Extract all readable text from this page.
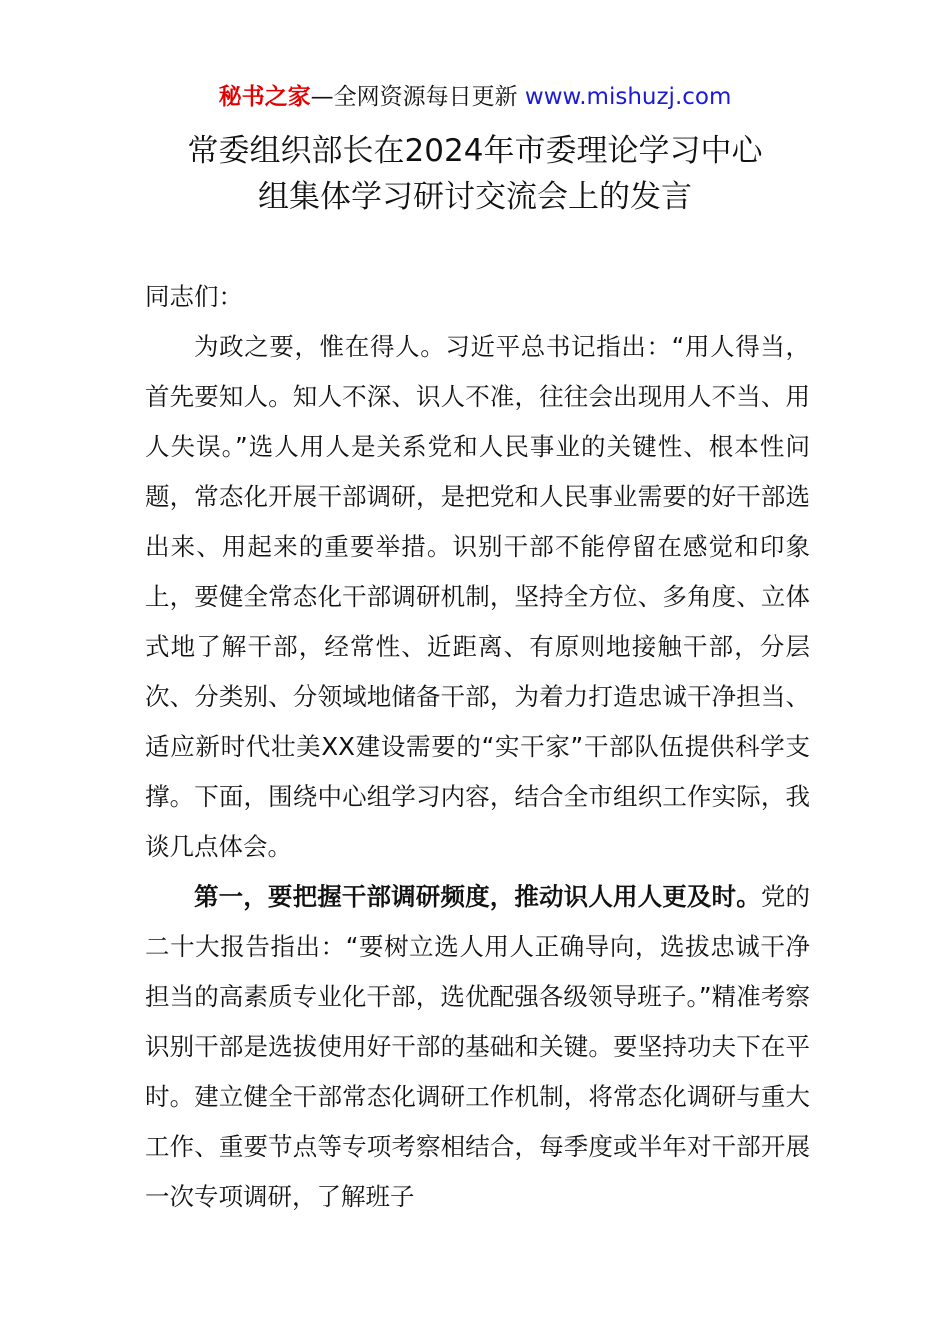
秘书之家—全网资源每日更新 www.mishuzj.com
常委组织部长在2024年市委理论学习中心
组集体学习研讨交流会上的发言

同志们：

为政之要，惟在得人。习近平总书记指出：“用人得当，首先要知人。知人不深、识人不准，往往会出现用人不当、用人失误。”选人用人是关系党和人民事业的关键性、根本性问题，常态化开展干部调研，是把党和人民事业需要的好干部选出来、用起来的重要举措。识别干部不能停留在感觉和印象上，要健全常态化干部调研机制，坚持全方位、多角度、立体式地了解干部，经常性、近距离、有原则地接触干部，分层次、分类别、分领域地储备干部，为着力打造忠诚干净担当、适应新时代壮美XX建设需要的“实干家”干部队伍提供科学支撑。下面，围绕中心组学习内容，结合全市组织工作实际，我谈几点体会。

第一，要把握干部调研频度，推动识人用人更及时。党的二十大报告指出：“要树立选人用人正确导向，选拔忠诚干净担当的高素质专业化干部，选优配强各级领导班子。”精准考察识别干部是选拔使用好干部的基础和关键。要坚持功夫下在平时。建立健全干部常态化调研工作机制，将常态化调研与重大工作、重要节点等专项考察相结合，每季度或半年对干部开展一次专项调研，了解班子
